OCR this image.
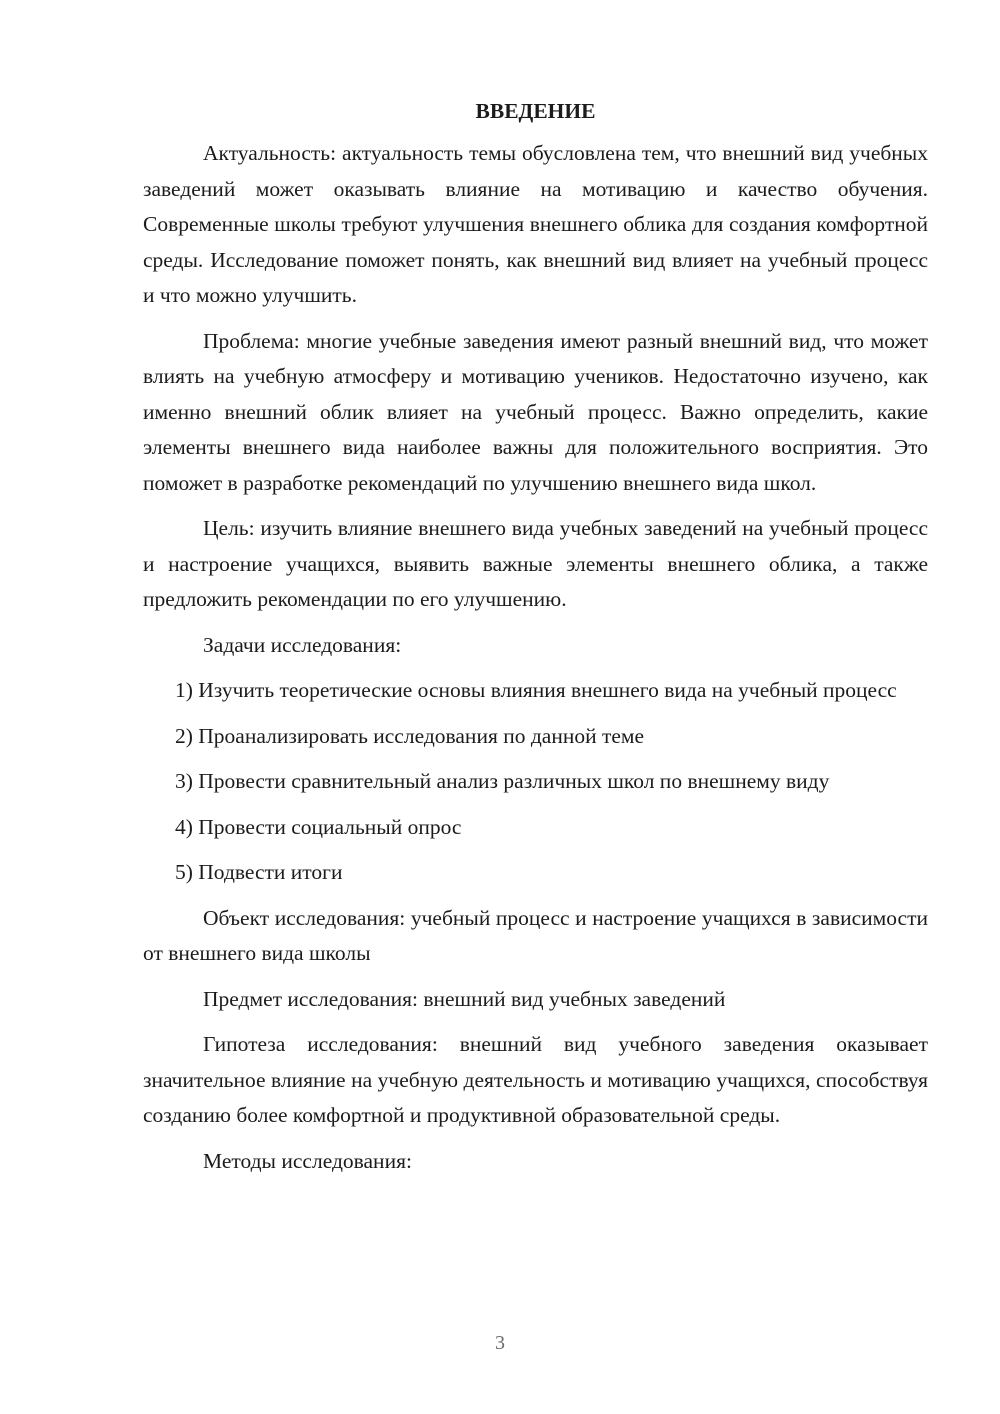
ВВЕДЕНИЕ

Актуальность: актуальность темы обусловлена тем, что внешний вид учебных заведений может оказывать влияние на мотивацию и качество обучения. Современные школы требуют улучшения внешнего облика для создания комфортной среды. Исследование поможет понять, как внешний вид влияет на учебный процесс и что можно улучшить.

Проблема: многие учебные заведения имеют разный внешний вид, что может влиять на учебную атмосферу и мотивацию учеников. Недостаточно изучено, как именно внешний облик влияет на учебный процесс. Важно определить, какие элементы внешнего вида наиболее важны для положительного восприятия. Это поможет в разработке рекомендаций по улучшению внешнего вида школ.

Цель: изучить влияние внешнего вида учебных заведений на учебный процесс и настроение учащихся, выявить важные элементы внешнего облика, а также предложить рекомендации по его улучшению.

Задачи исследования:

1) Изучить теоретические основы влияния внешнего вида на учебный процесс

2) Проанализировать исследования по данной теме

3) Провести сравнительный анализ различных школ по внешнему виду

4) Провести социальный опрос

5) Подвести итоги

Объект исследования: учебный процесс и настроение учащихся в зависимости от внешнего вида школы

Предмет исследования: внешний вид учебных заведений

Гипотеза исследования: внешний вид учебного заведения оказывает значительное влияние на учебную деятельность и мотивацию учащихся, способствуя созданию более комфортной и продуктивной образовательной среды.

Методы исследования:

3
